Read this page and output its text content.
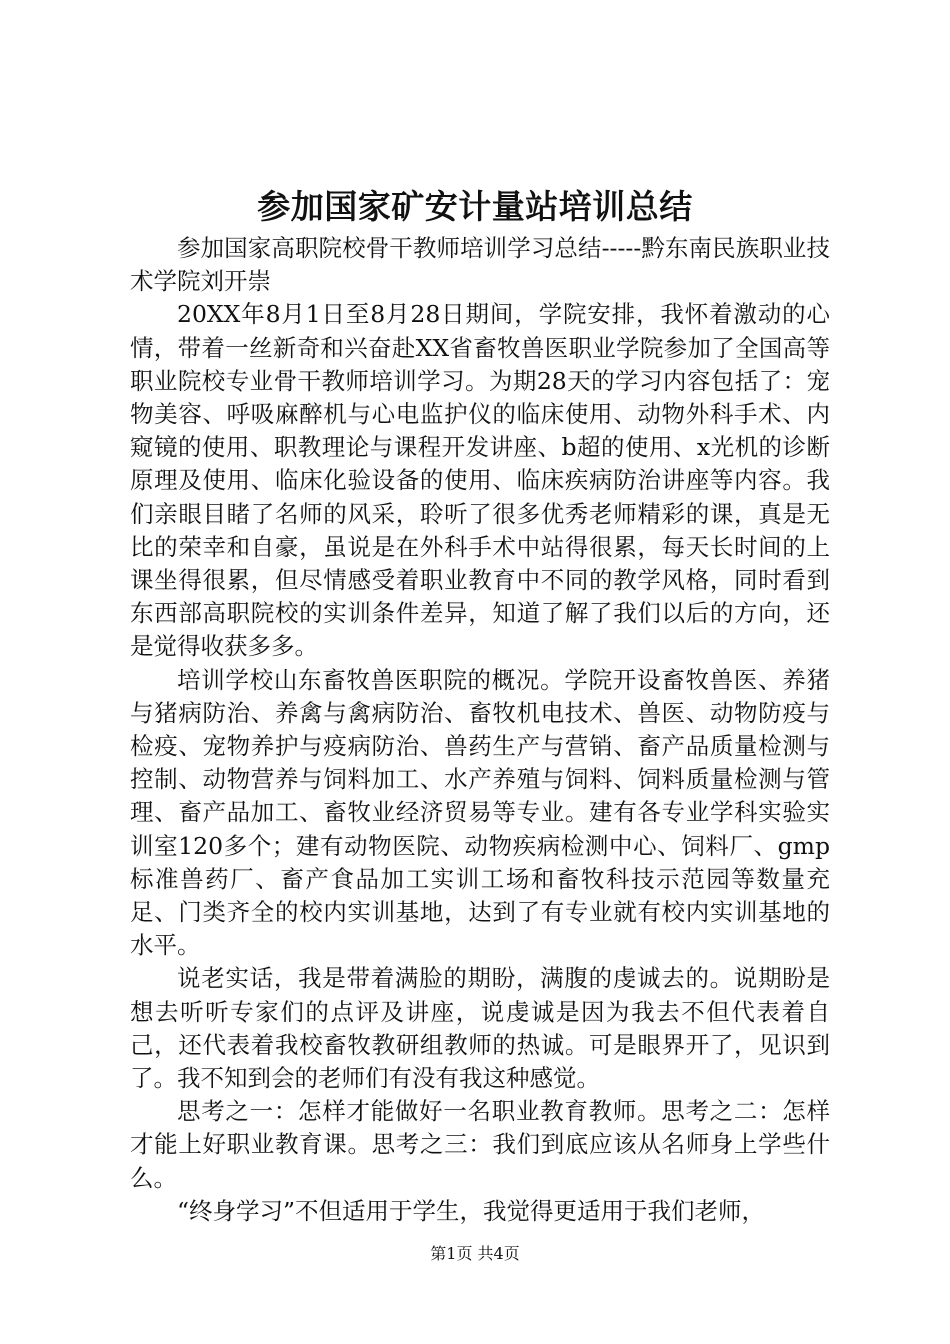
参加国家矿安计量站培训总结

参加国家高职院校骨干教师培训学习总结-----黔东南民族职业技术学院刘开崇

20XX年8月1日至8月28日期间，学院安排，我怀着激动的心情，带着一丝新奇和兴奋赴XX省畜牧兽医职业学院参加了全国高等职业院校专业骨干教师培训学习。为期28天的学习内容包括了：宠物美容、呼吸麻醉机与心电监护仪的临床使用、动物外科手术、内窥镜的使用、职教理论与课程开发讲座、b超的使用、x光机的诊断原理及使用、临床化验设备的使用、临床疾病防治讲座等内容。我们亲眼目睹了名师的风采，聆听了很多优秀老师精彩的课，真是无比的荣幸和自豪，虽说是在外科手术中站得很累，每天长时间的上课坐得很累，但尽情感受着职业教育中不同的教学风格，同时看到东西部高职院校的实训条件差异，知道了解了我们以后的方向，还是觉得收获多多。

培训学校山东畜牧兽医职院的概况。学院开设畜牧兽医、养猪与猪病防治、养禽与禽病防治、畜牧机电技术、兽医、动物防疫与检疫、宠物养护与疫病防治、兽药生产与营销、畜产品质量检测与控制、动物营养与饲料加工、水产养殖与饲料、饲料质量检测与管理、畜产品加工、畜牧业经济贸易等专业。建有各专业学科实验实训室120多个；建有动物医院、动物疾病检测中心、饲料厂、gmp标准兽药厂、畜产食品加工实训工场和畜牧科技示范园等数量充足、门类齐全的校内实训基地，达到了有专业就有校内实训基地的水平。

说老实话，我是带着满脸的期盼，满腹的虔诚去的。说期盼是想去听听专家们的点评及讲座，说虔诚是因为我去不但代表着自己，还代表着我校畜牧教研组教师的热诚。可是眼界开了，见识到了。我不知到会的老师们有没有我这种感觉。

思考之一：怎样才能做好一名职业教育教师。思考之二：怎样才能上好职业教育课。思考之三：我们到底应该从名师身上学些什么。

“终身学习”不但适用于学生，我觉得更适用于我们老师，

第1页 共4页
